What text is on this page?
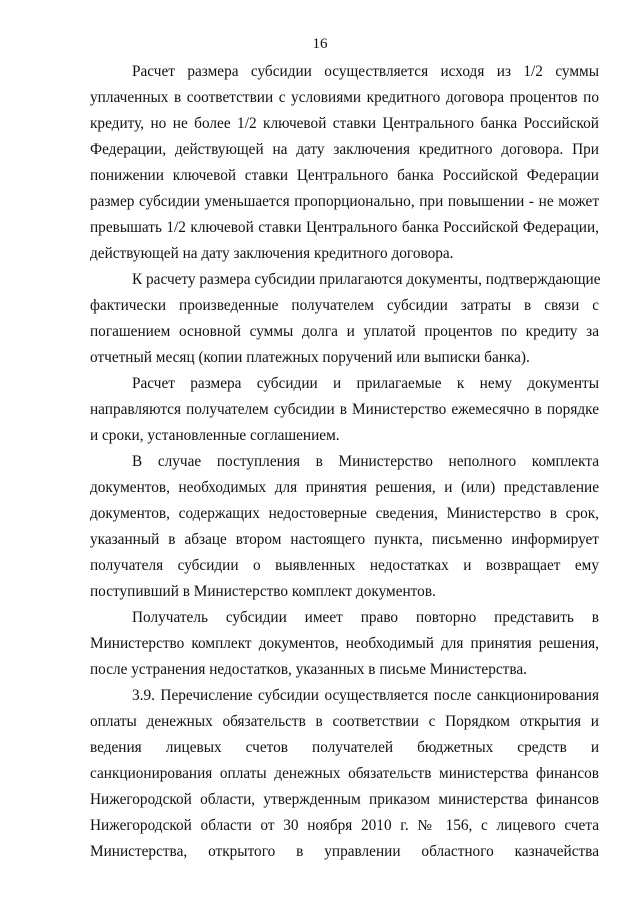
16
Расчет размера субсидии осуществляется исходя из 1/2 суммы
уплаченных в соответствии с условиями кредитного договора процентов по
кредиту, но не более 1/2 ключевой ставки Центрального банка Российской
Федерации, действующей на дату заключения кредитного договора. При
понижении ключевой ставки Центрального банка Российской Федерации
размер субсидии уменьшается пропорционально, при повышении - не может
превышать 1/2 ключевой ставки Центрального банка Российской Федерации,
действующей на дату заключения кредитного договора.
К расчету размера субсидии прилагаются документы, подтверждающие
фактически произведенные получателем субсидии затраты в связи с
погашением основной суммы долга и уплатой процентов по кредиту за
отчетный месяц (копии платежных поручений или выписки банка).
Расчет размера субсидии и прилагаемые к нему документы
направляются получателем субсидии в Министерство ежемесячно в порядке
и сроки, установленные соглашением.
В случае поступления в Министерство неполного комплекта
документов, необходимых для принятия решения, и (или) представление
документов, содержащих недостоверные сведения, Министерство в срок,
указанный в абзаце втором настоящего пункта, письменно информирует
получателя субсидии о выявленных недостатках и возвращает ему
поступивший в Министерство комплект документов.
Получатель субсидии имеет право повторно представить в
Министерство комплект документов, необходимый для принятия решения,
после устранения недостатков, указанных в письме Министерства.
3.9. Перечисление субсидии осуществляется после санкционирования
оплаты денежных обязательств в соответствии с Порядком открытия и
ведения лицевых счетов получателей бюджетных средств и
санкционирования оплаты денежных обязательств министерства финансов
Нижегородской области, утвержденным приказом министерства финансов
Нижегородской области от 30 ноября 2010 г. № 156, с лицевого счета
Министерства, открытого в управлении областного казначейства
